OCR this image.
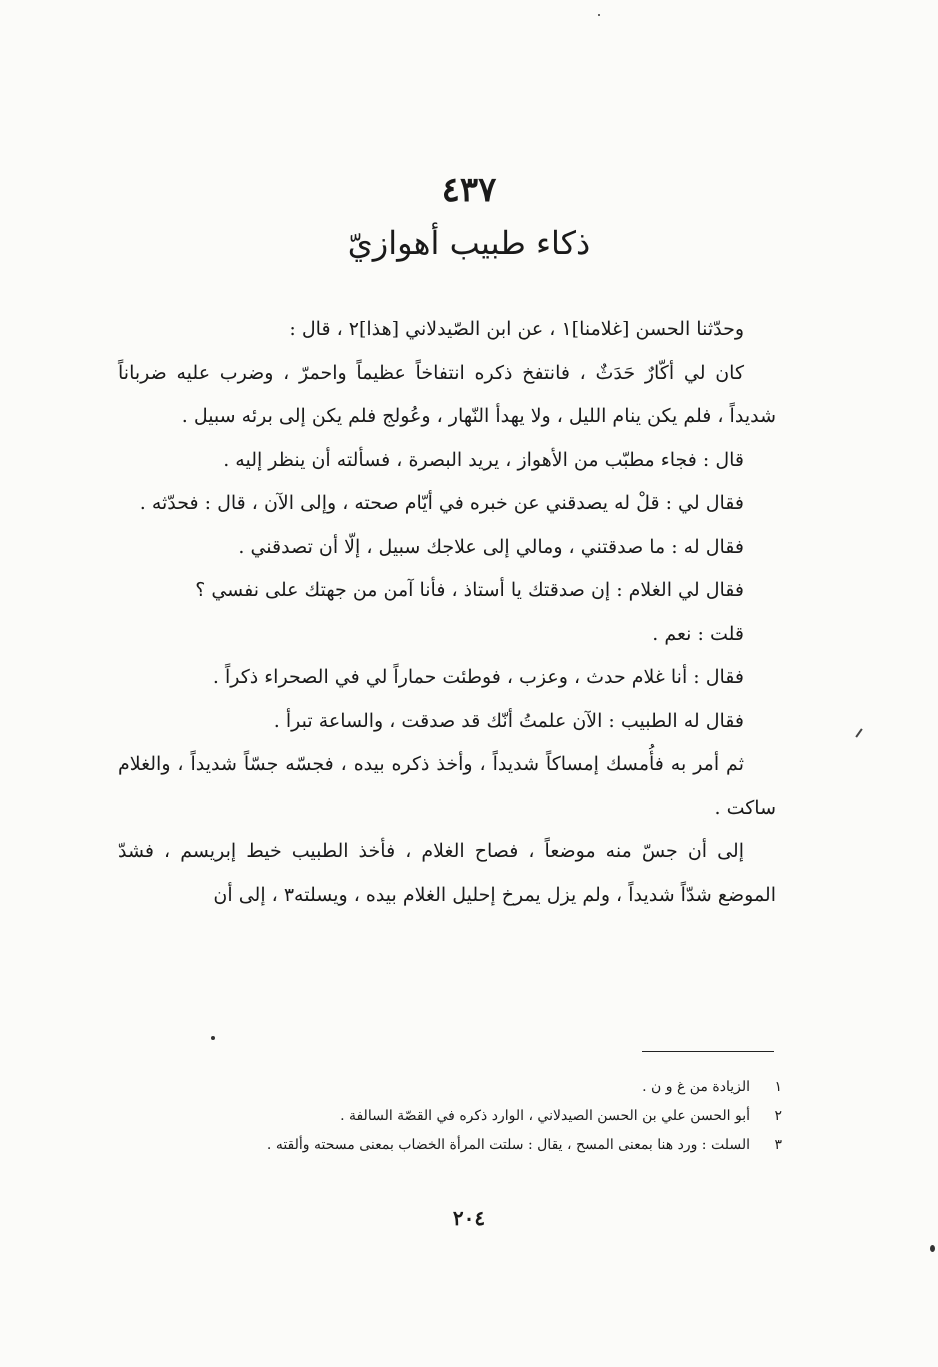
٤٣٧
ذكاء طبيب أهوازيّ

وحدّثنا الحسن [غلامنا]١ ، عن ابن الصّيدلاني [هذا]٢ ، قال :

كان لي أكّارٌ حَدَثٌ ، فانتفخ ذكره انتفاخاً عظيماً واحمرّ ، وضرب عليه ضرباناً شديداً ، فلم يكن ينام الليل ، ولا يهدأ النّهار ، وعُولج فلم يكن إلى برئه سبيل .

قال : فجاء مطبّب من الأهواز ، يريد البصرة ، فسألته أن ينظر إليه .

فقال لي : قلْ له يصدقني عن خبره في أيّام صحته ، وإلى الآن ، قال : فحدّثه .

فقال له : ما صدقتني ، ومالي إلى علاجك سبيل ، إلّا أن تصدقني .

فقال لي الغلام : إن صدقتك يا أستاذ ، فأنا آمن من جهتك على نفسي ؟

قلت : نعم .

فقال : أنا غلام حدث ، وعزب ، فوطئت حماراً لي في الصحراء ذكراً .

فقال له الطبيب : الآن علمتُ أنّك قد صدقت ، والساعة تبرأ .

ثم أمر به فأُمسك إمساكاً شديداً ، وأخذ ذكره بيده ، فجسّه جسّاً شديداً ، والغلام ساكت .

إلى أن جسّ منه موضعاً ، فصاح الغلام ، فأخذ الطبيب خيط إبريسم ، فشدّ الموضع شدّاً شديداً ، ولم يزل يمرخ إحليل الغلام بيده ، ويسلته٣ ، إلى أن

١الزيادة من غ و ن .
٢أبو الحسن علي بن الحسن الصيدلاني ، الوارد ذكره في القصّة السالفة .
٣السلت : ورد هنا بمعنى المسح ، يقال : سلتت المرأة الخضاب بمعنى مسحته وألقته .
٢٠٤
